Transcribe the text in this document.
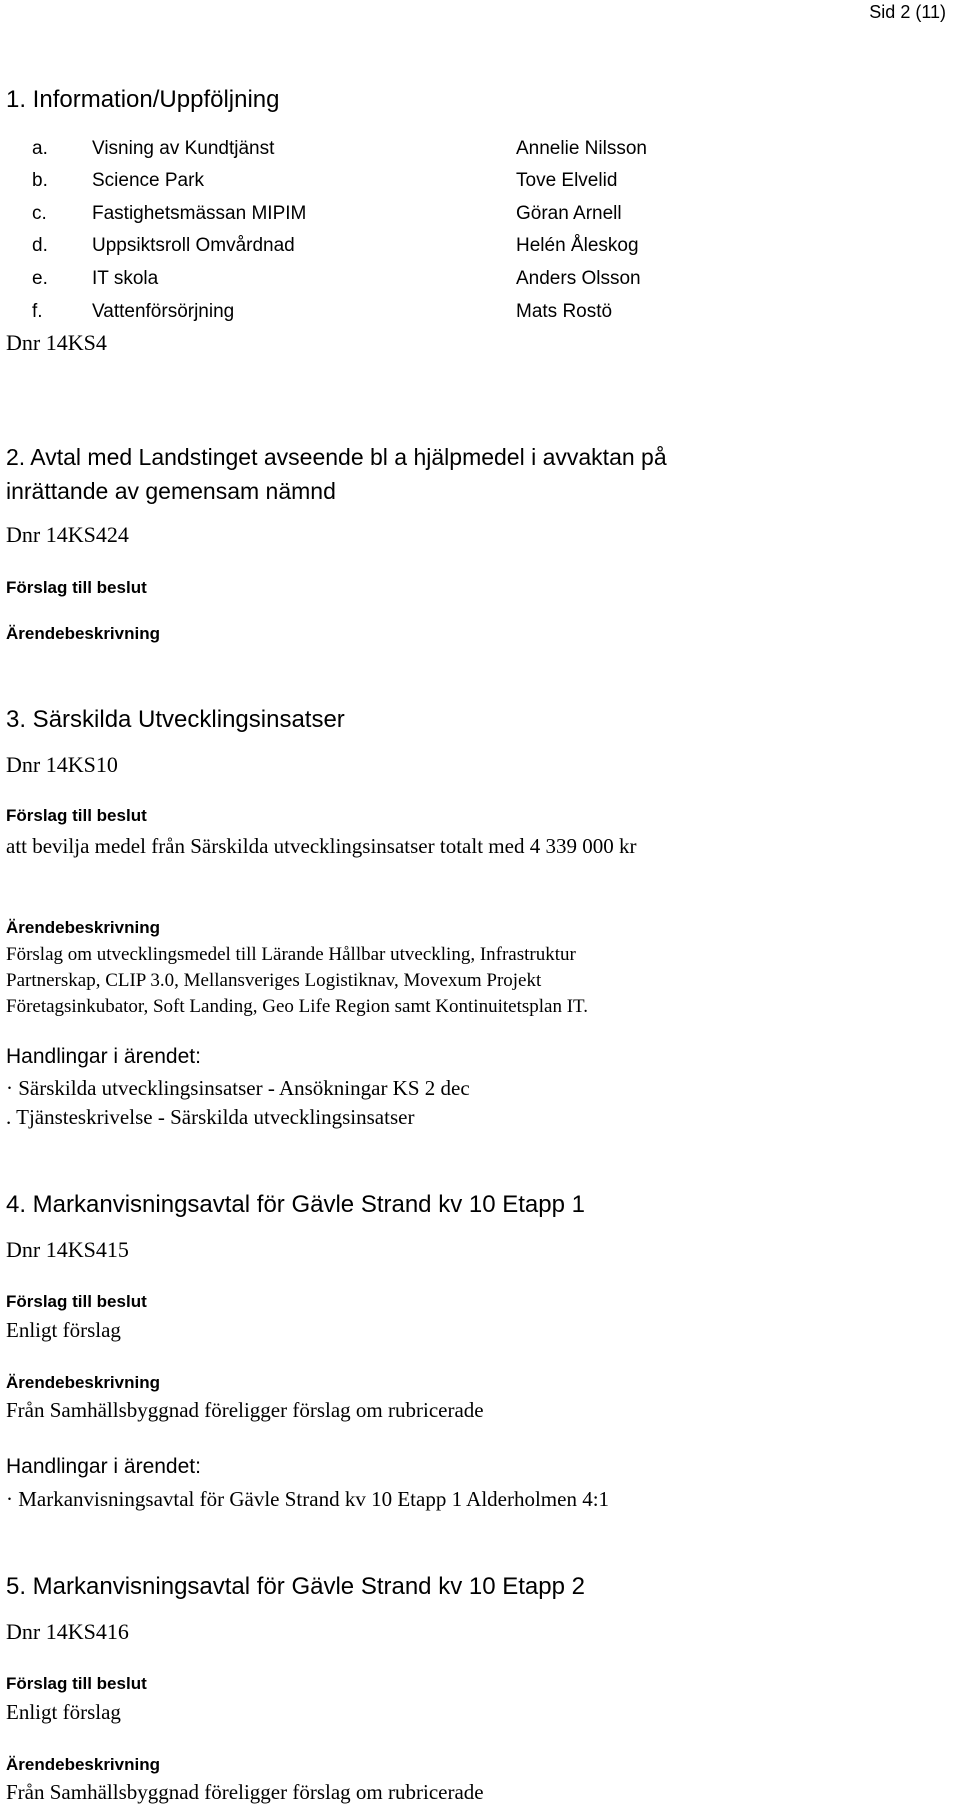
Sid 2 (11)
1. Information/Uppföljning
a. Visning av Kundtjänst	Annelie Nilsson
b. Science Park	Tove Elvelid
c. Fastighetsmässan MIPIM	Göran Arnell
d. Uppsiktsroll Omvårdnad	Helén Åleskog
e. IT skola	Anders Olsson
f.	Vattenförsörjning	Mats Rostö
Dnr 14KS4
2. Avtal med Landstinget avseende bl a hjälpmedel i avvaktan på
inrättande av gemensam nämnd
Dnr 14KS424
Förslag till beslut
Ärendebeskrivning
3. Särskilda Utvecklingsinsatser
Dnr 14KS10
Förslag till beslut
att bevilja medel från Särskilda utvecklingsinsatser totalt med 4 339 000 kr
Ärendebeskrivning
Förslag om utvecklingsmedel till Lärande Hållbar utveckling, Infrastruktur
Partnerskap, CLIP 3.0, Mellansveriges Logistiknav, Movexum Projekt
Företagsinkubator, Soft Landing, Geo Life Region samt Kontinuitetsplan IT.
Handlingar i ärendet:
· Särskilda utvecklingsinsatser - Ansökningar KS 2 dec
. Tjänsteskrivelse - Särskilda utvecklingsinsatser
4. Markanvisningsavtal för Gävle Strand kv 10 Etapp 1
Dnr 14KS415
Förslag till beslut
Enligt förslag
Ärendebeskrivning
Från Samhällsbyggnad föreligger förslag om rubricerade
Handlingar i ärendet:
· Markanvisningsavtal för Gävle Strand kv 10 Etapp 1 Alderholmen 4:1
5. Markanvisningsavtal för Gävle Strand kv 10 Etapp 2
Dnr 14KS416
Förslag till beslut
Enligt förslag
Ärendebeskrivning
Från Samhällsbyggnad föreligger förslag om rubricerade
